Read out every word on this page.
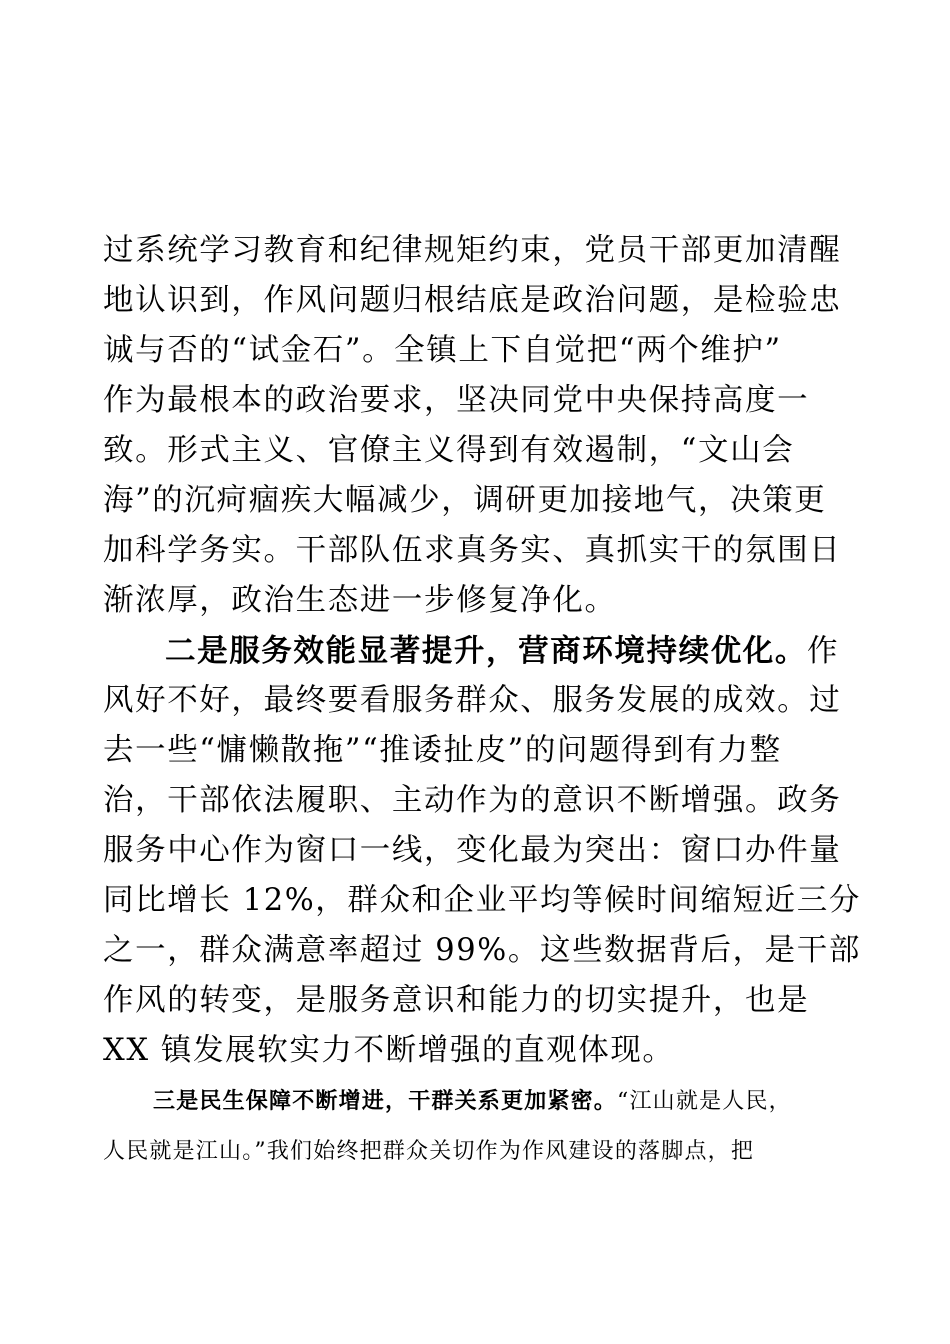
过系统学习教育和纪律规矩约束，党员干部更加清醒
地认识到，作风问题归根结底是政治问题，是检验忠
诚与否的“试金石”。全镇上下自觉把“两个维护”
作为最根本的政治要求，坚决同党中央保持高度一
致。形式主义、官僚主义得到有效遏制，“文山会
海”的沉疴痼疾大幅减少，调研更加接地气，决策更
加科学务实。干部队伍求真务实、真抓实干的氛围日
渐浓厚，政治生态进一步修复净化。
二是服务效能显著提升，营商环境持续优化。作
风好不好，最终要看服务群众、服务发展的成效。过
去一些“慵懒散拖”“推诿扯皮”的问题得到有力整
治，干部依法履职、主动作为的意识不断增强。政务
服务中心作为窗口一线，变化最为突出：窗口办件量
同比增长 12%，群众和企业平均等候时间缩短近三分
之一，群众满意率超过 99%。这些数据背后，是干部
作风的转变，是服务意识和能力的切实提升，也是
XX 镇发展软实力不断增强的直观体现。
三是民生保障不断增进，干群关系更加紧密。“江山就是人民，
人民就是江山。”我们始终把群众关切作为作风建设的落脚点，把
